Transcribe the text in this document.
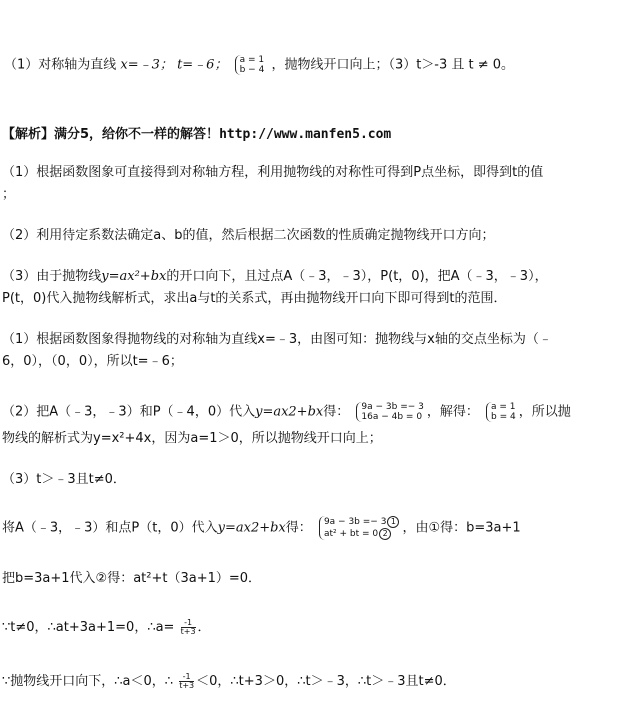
（1）对称轴为直线 x=﹣3； t=﹣6； a = 1
b − 4 ，抛物线开口向上；（3）t＞-3 且 t ≠ 0。
【解析】满分5，给你不一样的解答！http://www.manfen5.com
（1）根据函数图象可直接得到对称轴方程，利用抛物线的对称性可得到P点坐标，即得到t的值
；
（2）利用待定系数法确定a、b的值，然后根据二次函数的性质确定抛物线开口方向；
（3）由于抛物线y=ax²+bx的开口向下，且过点A（﹣3，﹣3），P(t，0)，把A（﹣3，﹣3），
P(t，0)代入抛物线解析式，求出a与t的关系式，再由抛物线开口向下即可得到t的范围．
（1）根据函数图象得抛物线的对称轴为直线x=﹣3，由图可知：抛物线与x轴的交点坐标为（﹣
6，0），（0，0），所以t=﹣6；
（2）把A（﹣3，﹣3）和P（﹣4，0）代入y=ax2+bx得： 9a − 3b =− 3
16a − 4b = 0 ，解得： a = 1
b = 4 ，所以抛
物线的解析式为y=x²+4x，因为a=1＞0，所以抛物线开口向上；
（3）t＞﹣3且t≠0．
将A（﹣3，﹣3）和点P（t，0）代入y=ax2+bx得： 9a − 3b =− 3 1
at² + bt = 0 2	，由①得：b=3a+1
把b=3a+1代入②得：at²+t（3a+1）=0．
∵t≠0，∴at+3a+1=0，∴a= $\frac{-1}{t+3}$ ．
∵抛物线开口向下，∴a＜0，∴ $\frac{-1}{t+3} <0$，∴t+3＞0，∴t＞﹣3，∴t＞﹣3且t≠0．
